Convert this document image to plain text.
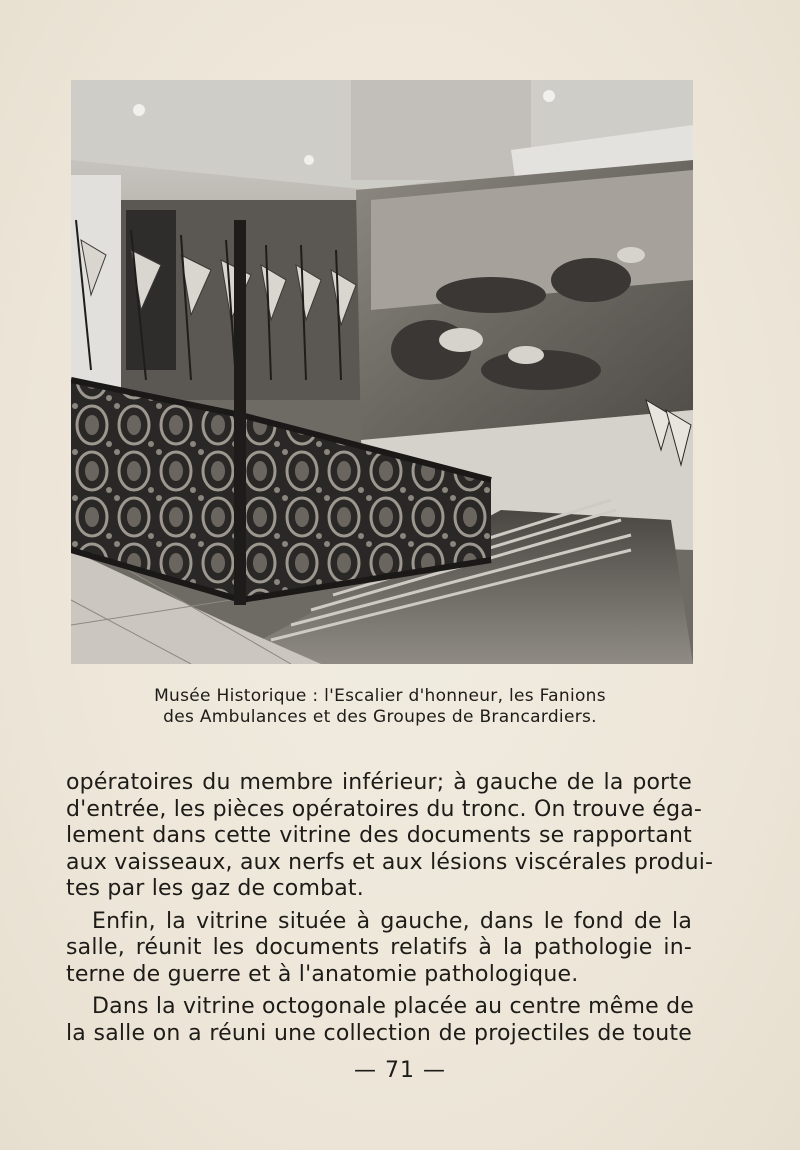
Musée Historique : l'Escalier d'honneur, les Fanions
des Ambulances et des Groupes de Brancardiers.
opératoires du membre inférieur; à gauche de la porte
d'entrée, les pièces opératoires du tronc. On trouve éga-
lement dans cette vitrine des documents se rapportant
aux vaisseaux, aux nerfs et aux lésions viscérales produi-
tes par les gaz de combat.
Enfin, la vitrine située à gauche, dans le fond de la
salle, réunit les documents relatifs à la pathologie in-
terne de guerre et à l'anatomie pathologique.
Dans la vitrine octogonale placée au centre même de
la salle on a réuni une collection de projectiles de toute
— 71 —
